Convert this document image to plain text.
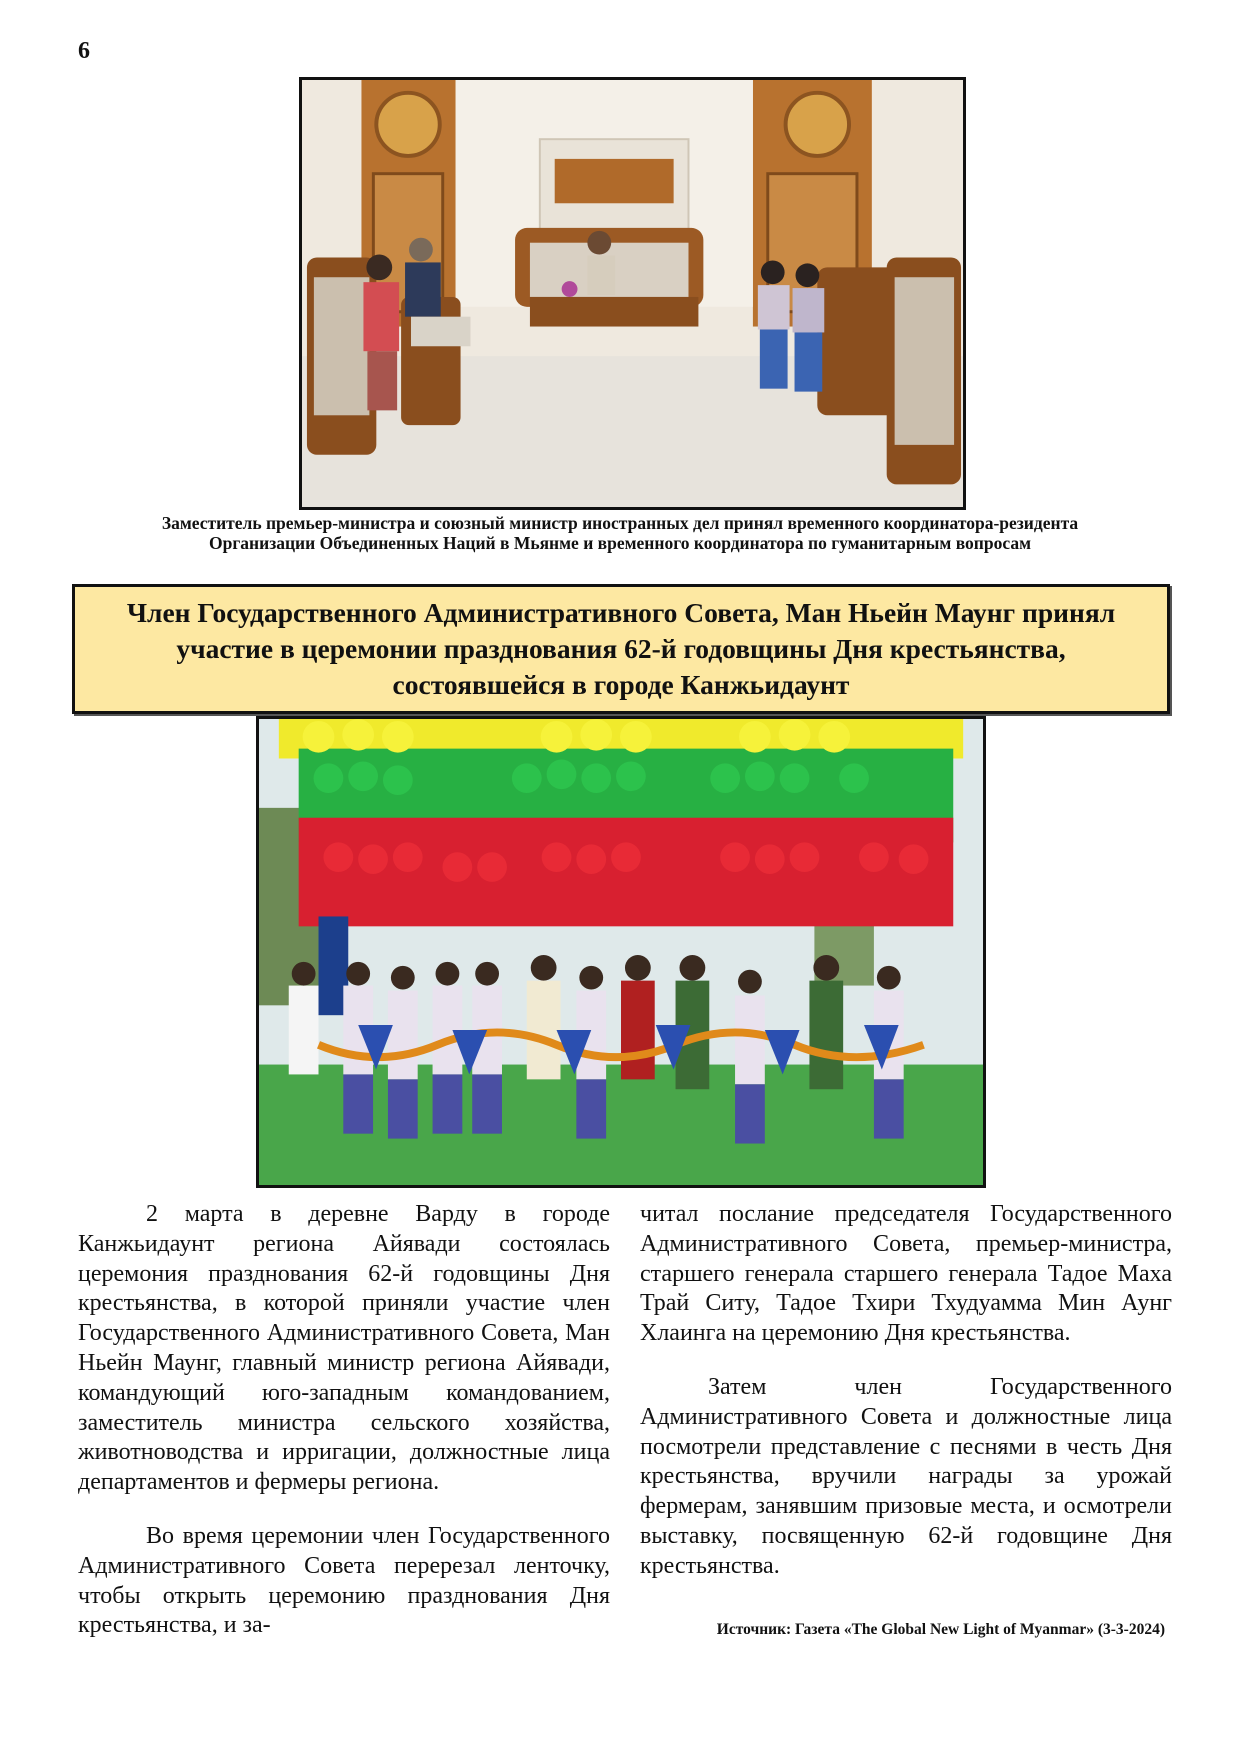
6
Заместитель премьер-министра и союзный министр иностранных дел принял временного координатора-резидента Организации Объединенных Наций в Мьянме и временного координатора по гуманитарным вопросам
Член Государственного Административного Совета, Ман Ньейн Маунг принял участие в церемонии празднования 62-й годовщины Дня крестьянства, состоявшейся в городе Канжьидаунт

2 марта в деревне Варду в городе Канжьидаунт региона Айявади состоялась церемония празднования 62-й годовщины Дня крестьянства, в которой приняли участие член Государственного Административного Совета, Ман Ньейн Маунг, главный министр региона Айявади, командующий юго-западным командованием, заместитель министра сельского хозяйства, животноводства и ирригации, должностные лица департаментов и фермеры региона.

Во время церемонии член Государственного Административного Совета перерезал ленточку, чтобы открыть церемонию празднования Дня крестьянства, и за-

читал послание председателя Государственного Административного Совета, премьер-министра, старшего генерала старшего генерала Тадое Маха Трай Ситу, Тадое Тхири Тхудуамма Мин Аунг Хлаинга на церемонию Дня крестьянства.

Затем член Государственного Административного Совета и должностные лица посмотрели представление с песнями в честь Дня крестьянства, вручили награды за урожай фермерам, занявшим призовые места, и осмотрели выставку, посвященную 62-й годовщине Дня крестьянства.

Источник: Газета «The Global New Light of Myanmar» (3-3-2024)
